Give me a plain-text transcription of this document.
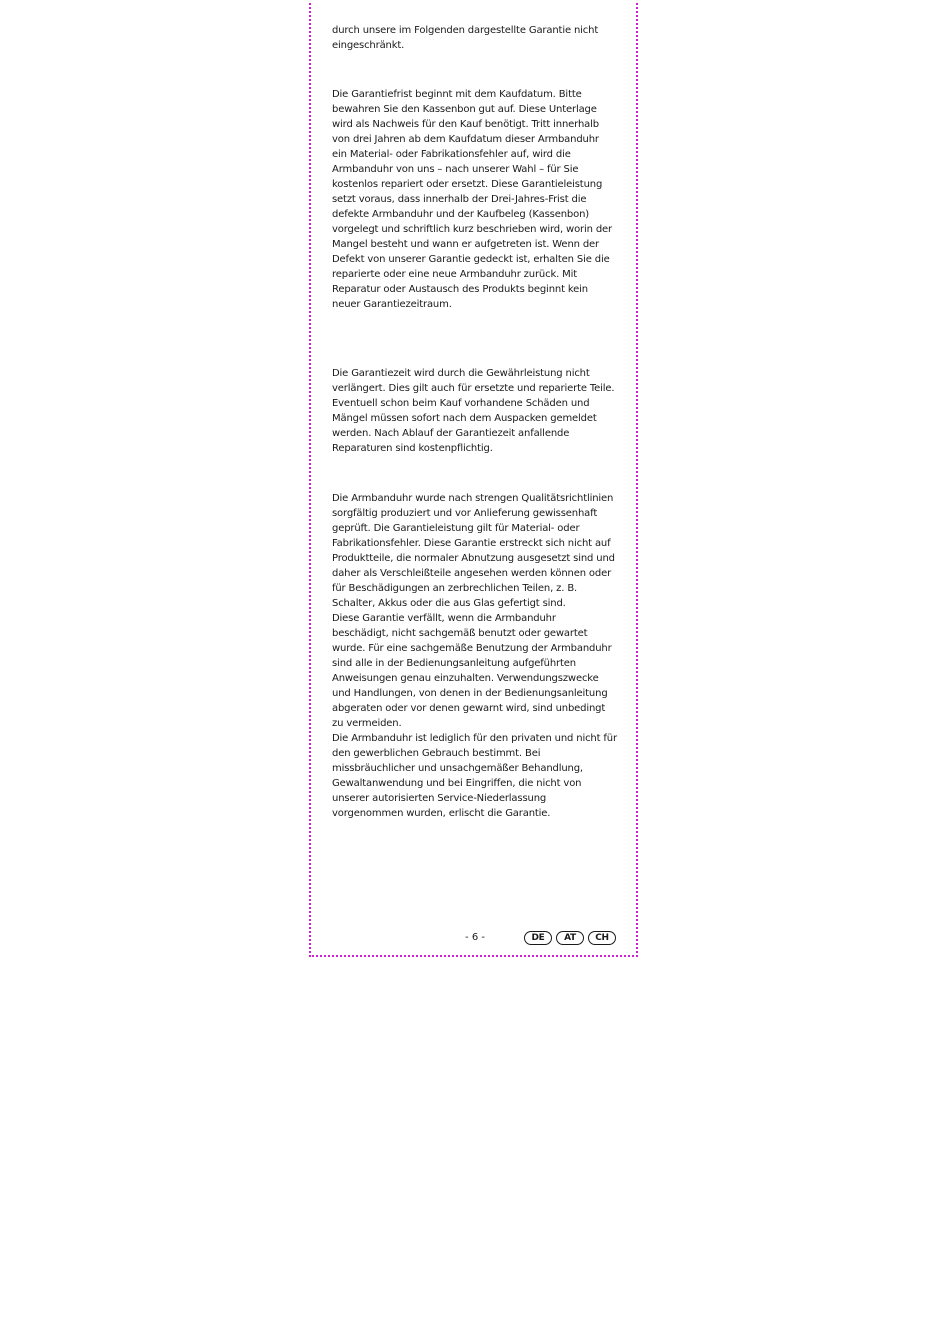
durch unsere im Folgenden dargestellte Garantie nicht
eingeschränkt.

Die Garantiefrist beginnt mit dem Kaufdatum. Bitte
bewahren Sie den Kassenbon gut auf. Diese Unterlage
wird als Nachweis für den Kauf benötigt. Tritt innerhalb
von drei Jahren ab dem Kaufdatum dieser Armbanduhr
ein Material- oder Fabrikationsfehler auf, wird die
Armbanduhr von uns – nach unserer Wahl – für Sie
kostenlos repariert oder ersetzt. Diese Garantieleistung
setzt voraus, dass innerhalb der Drei-Jahres-Frist die
defekte Armbanduhr und der Kaufbeleg (Kassenbon)
vorgelegt und schriftlich kurz beschrieben wird, worin der
Mangel besteht und wann er aufgetreten ist. Wenn der
Defekt von unserer Garantie gedeckt ist, erhalten Sie die
reparierte oder eine neue Armbanduhr zurück. Mit
Reparatur oder Austausch des Produkts beginnt kein
neuer Garantiezeitraum.

Die Garantiezeit wird durch die Gewährleistung nicht
verlängert. Dies gilt auch für ersetzte und reparierte Teile.
Eventuell schon beim Kauf vorhandene Schäden und
Mängel müssen sofort nach dem Auspacken gemeldet
werden. Nach Ablauf der Garantiezeit anfallende
Reparaturen sind kostenpflichtig.

Die Armbanduhr wurde nach strengen Qualitätsrichtlinien
sorgfältig produziert und vor Anlieferung gewissenhaft
geprüft. Die Garantieleistung gilt für Material- oder
Fabrikationsfehler. Diese Garantie erstreckt sich nicht auf
Produktteile, die normaler Abnutzung ausgesetzt sind und
daher als Verschleißteile angesehen werden können oder
für Beschädigungen an zerbrechlichen Teilen, z. B.
Schalter, Akkus oder die aus Glas gefertigt sind.
Diese Garantie verfällt, wenn die Armbanduhr
beschädigt, nicht sachgemäß benutzt oder gewartet
wurde. Für eine sachgemäße Benutzung der Armbanduhr
sind alle in der Bedienungsanleitung aufgeführten
Anweisungen genau einzuhalten. Verwendungszwecke
und Handlungen, von denen in der Bedienungsanleitung
abgeraten oder vor denen gewarnt wird, sind unbedingt
zu vermeiden.
Die Armbanduhr ist lediglich für den privaten und nicht für
den gewerblichen Gebrauch bestimmt. Bei
missbräuchlicher und unsachgemäßer Behandlung,
Gewaltanwendung und bei Eingriffen, die nicht von
unserer autorisierten Service-Niederlassung
vorgenommen wurden, erlischt die Garantie.

- 6 -	DE	AT	CH
